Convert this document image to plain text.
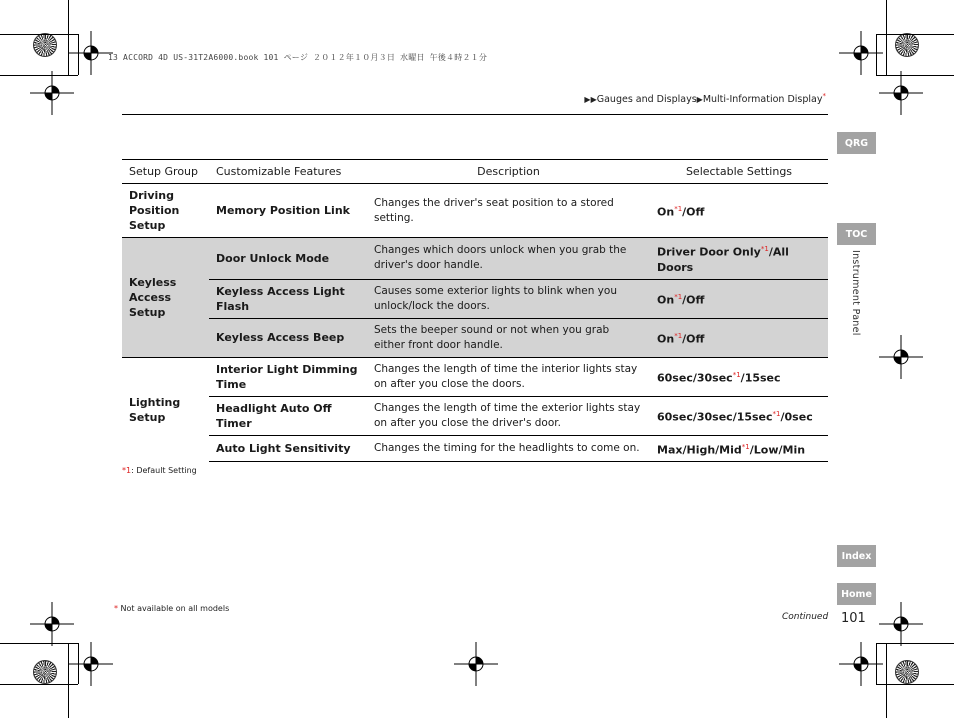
13 ACCORD 4D US-31T2A6000.book 101 ページ ２０１２年１０月３日 水曜日 午後４時２１分
▶▶Gauges and Displays▶Multi-Information Display*
QRG
TOC
Instrument Panel
Index
Home
Setup Group	Customizable Features	Description	Selectable Settings
Driving Position Setup	Memory Position Link	Changes the driver's seat position to a stored setting.	On$^{*1}$/Off
Keyless Access Setup	Door Unlock Mode	Changes which doors unlock when you grab the driver's door handle.	Driver Door Only$^{*1}$/All Doors
	Keyless Access Light Flash	Causes some exterior lights to blink when you unlock/lock the doors.	On$^{*1}$/Off
	Keyless Access Beep	Sets the beeper sound or not when you grab either front door handle.	On$^{*1}$/Off
Lighting Setup	Interior Light Dimming Time	Changes the length of time the interior lights stay on after you close the doors.	$60\sec/30\sec^{*1}/15\sec$
	Headlight Auto Off Timer	Changes the length of time the exterior lights stay on after you close the driver's door.	$60\sec/30\sec/15\sec^{*1}/0\sec$
	Auto Light Sensitivity	Changes the timing for the headlights to come on.	Max/High/Mid$^{*1}$/Low/Min
*1: Default Setting
* Not available on all models
Continued 101
